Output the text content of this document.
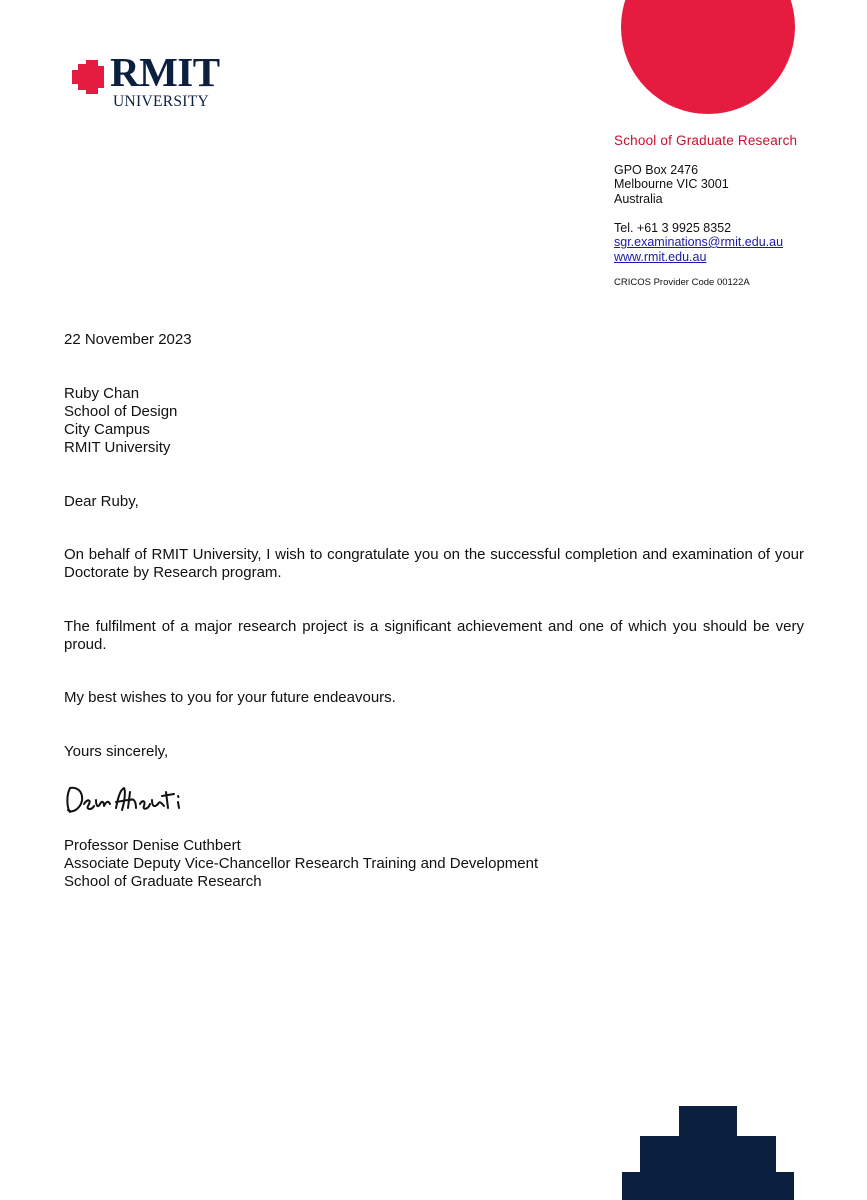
RMIT
UNIVERSITY
School of Graduate Research
GPO Box 2476
Melbourne VIC 3001
Australia
Tel. +61 3 9925 8352
sgr.examinations@rmit.edu.au
www.rmit.edu.au
CRICOS Provider Code 00122A
22 November 2023
Ruby Chan
School of Design
City Campus
RMIT University
Dear Ruby,

On behalf of RMIT University, I wish to congratulate you on the successful completion and examination of your Doctorate by Research program.

The fulfilment of a major research project is a significant achievement and one of which you should be very proud.

My best wishes to you for your future endeavours.

Yours sincerely,
Professor Denise Cuthbert
Associate Deputy Vice-Chancellor Research Training and Development
School of Graduate Research
